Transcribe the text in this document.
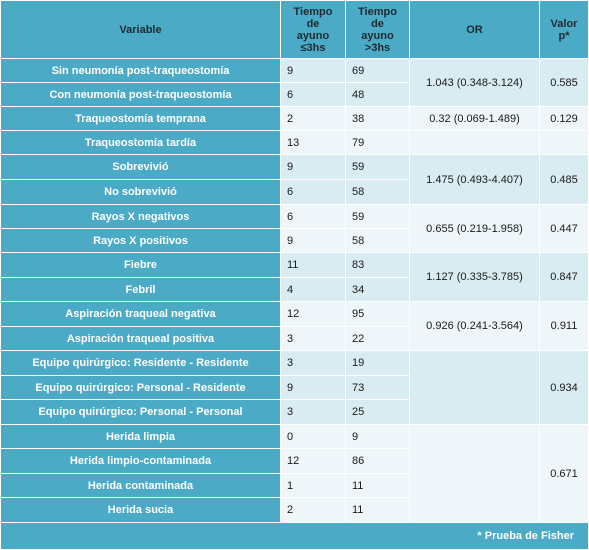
Variable	Tiempo
de
ayuno
≤3hs	Tiempo
de
ayuno
>3hs	OR	Valor
p*
Sin neumonía post-traqueostomía	9	69	1.043 (0.348-3.124)	0.585
Con neumonía post-traqueostomía	6	48		
Traqueostomía temprana	2	38	0.32 (0.069-1.489)	0.129
Traqueostomía tardía	13	79		
Sobrevivió	9	59	1.475 (0.493-4.407)	0.485
No sobrevivió	6	58		
Rayos X negativos	6	59	0.655 (0.219-1.958)	0.447
Rayos X positivos	9	58		
Fiebre	11	83	1.127 (0.335-3.785)	0.847
Febril	4	34		
Aspiración traqueal negativa	12	95	0.926 (0.241-3.564)	0.911
Aspiración traqueal positiva	3	22		
Equipo quirúrgico: Residente - Residente	3	19		0.934
Equipo quirúrgico: Personal - Residente	9	73		
Equipo quirúrgico: Personal - Personal	3	25		
Herida limpia	0	9		0.671
Herida limpio-contaminada	12	86		
Herida contaminada	1	11		
Herida sucia	2	11		
* Prueba de Fisher				
